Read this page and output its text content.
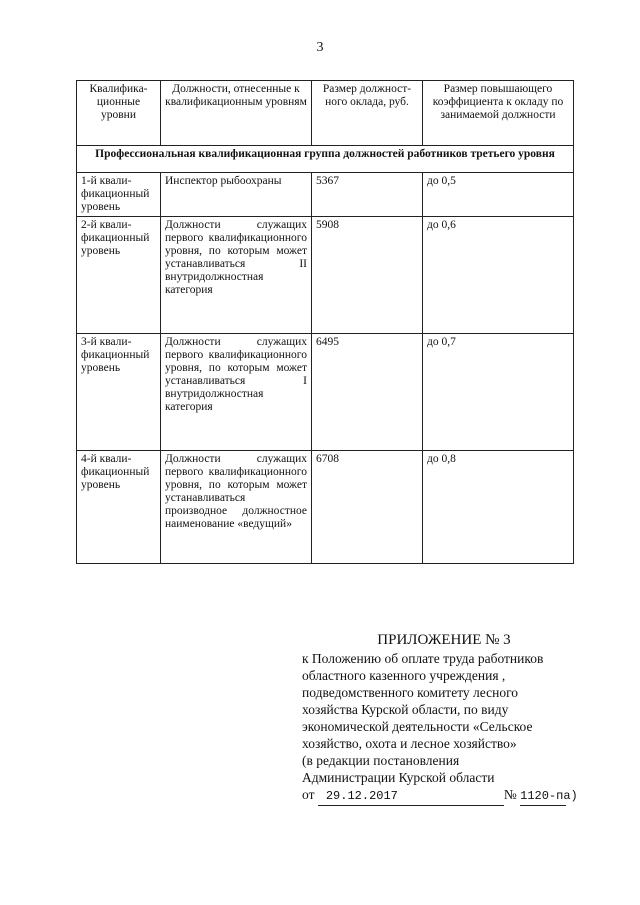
3
Квалифика-ционные уровни	Должности, отнесенные к квалификационным уровням	Размер должност-ного оклада, руб.	Размер повышающего коэффициента к окладу по занимаемой должности
Профессиональная квалификационная группа должностей работников третьего уровня			
1-й квали-фикационный уровень	Инспектор рыбоохраны	5367	до 0,5
2-й квали-фикационный уровень	Должности служащих первого квалификационного уровня, по которым может устанавливаться II внутридолжностная категория	5908	до 0,6
3-й квали-фикационный уровень	Должности служащих первого квалификационного уровня, по которым может устанавливаться I внутридолжностная категория	6495	до 0,7
4-й квали-фикационный уровень	Должности служащих первого квалификационного уровня, по которым может устанавливаться производное должностное наименование «ведущий»	6708	до 0,8
ПРИЛОЖЕНИЕ № 3
к Положению об оплате труда работников областного казенного учреждения ,
подведомственного комитету лесного хозяйства Курской области, по виду
экономической деятельности «Сельское хозяйство, охота и лесное хозяйство»
(в редакции постановления
Администрации Курской области
от 29.12.2017	№ 1120-па)
